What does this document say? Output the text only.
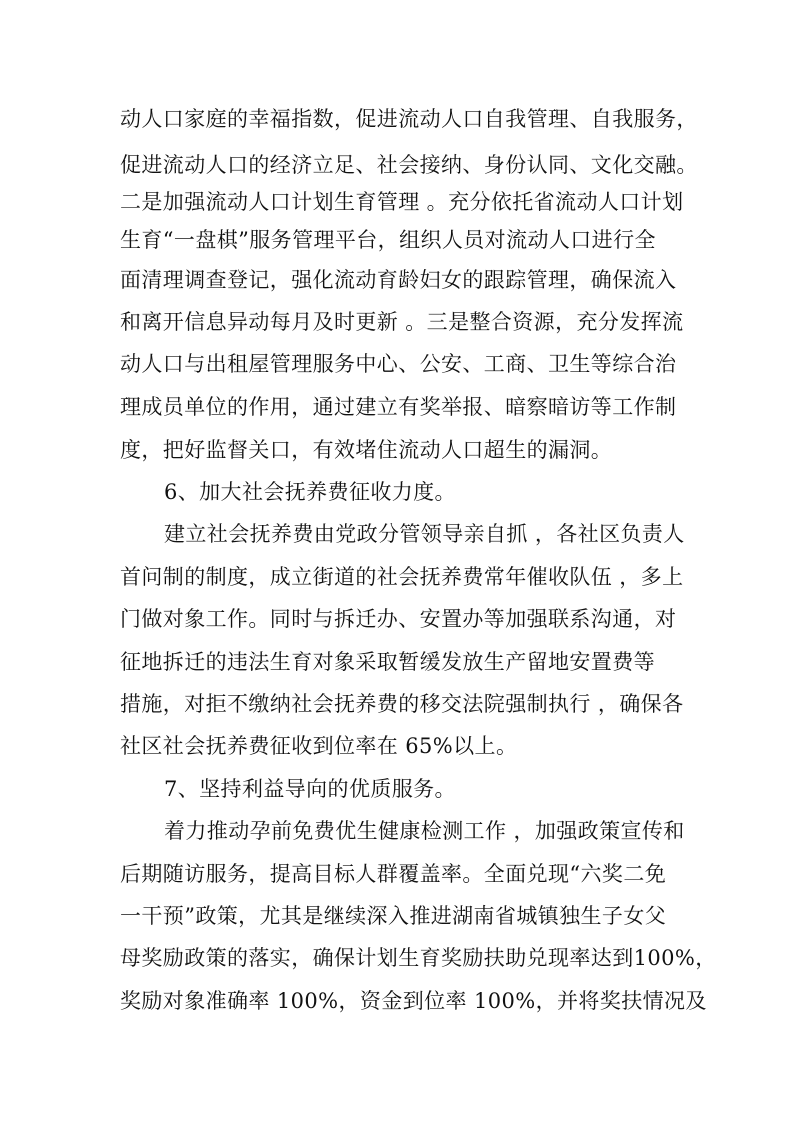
动人口家庭的幸福指数，促进流动人口自我管理、自我服务，
促进流动人口的经济立足、社会接纳、身份认同、文化交融。
二是加强流动人口计划生育管理 。充分依托省流动人口计划
生育“一盘棋”服务管理平台，组织人员对流动人口进行全
面清理调查登记，强化流动育龄妇女的跟踪管理，确保流入
和离开信息异动每月及时更新 。三是整合资源，充分发挥流
动人口与出租屋管理服务中心、公安、工商、卫生等综合治
理成员单位的作用，通过建立有奖举报、暗察暗访等工作制
度，把好监督关口，有效堵住流动人口超生的漏洞。
6、加大社会抚养费征收力度。
建立社会抚养费由党政分管领导亲自抓 ，各社区负责人
首问制的制度，成立街道的社会抚养费常年催收队伍 ，多上
门做对象工作。同时与拆迁办、安置办等加强联系沟通，对
征地拆迁的违法生育对象采取暂缓发放生产留地安置费等
措施，对拒不缴纳社会抚养费的移交法院强制执行 ，确保各
社区社会抚养费征收到位率在 65%以上。
7、坚持利益导向的优质服务。
着力推动孕前免费优生健康检测工作 ，加强政策宣传和
后期随访服务，提高目标人群覆盖率。全面兑现“六奖二免
一干预”政策，尤其是继续深入推进湖南省城镇独生子女父
母奖励政策的落实，确保计划生育奖励扶助兑现率达到100%，
奖励对象准确率 100%，资金到位率 100%，并将奖扶情况及
